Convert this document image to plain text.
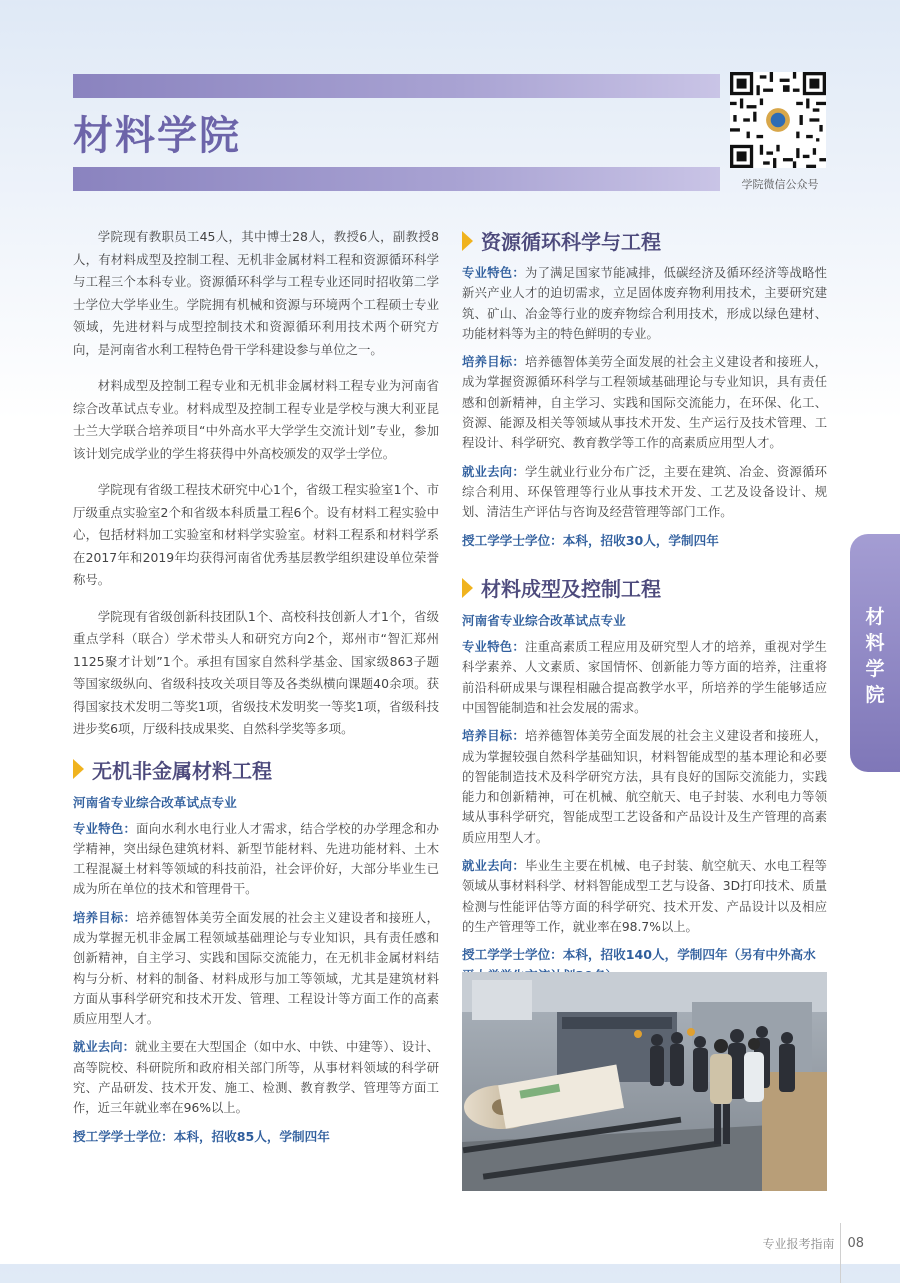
材料学院
学院微信公众号

学院现有教职员工45人，其中博士28人，教授6人，副教授8人，有材料成型及控制工程、无机非金属材料工程和资源循环科学与工程三个本科专业。资源循环科学与工程专业还同时招收第二学士学位大学毕业生。学院拥有机械和资源与环境两个工程硕士专业领域，先进材料与成型控制技术和资源循环利用技术两个研究方向，是河南省水利工程特色骨干学科建设参与单位之一。

材料成型及控制工程专业和无机非金属材料工程专业为河南省综合改革试点专业。材料成型及控制工程专业是学校与澳大利亚昆士兰大学联合培养项目“中外高水平大学学生交流计划”专业，参加该计划完成学业的学生将获得中外高校颁发的双学士学位。

学院现有省级工程技术研究中心1个，省级工程实验室1个、市厅级重点实验室2个和省级本科质量工程6个。设有材料工程实验中心，包括材料加工实验室和材料学实验室。材料工程系和材料学系在2017年和2019年均获得河南省优秀基层教学组织建设单位荣誉称号。

学院现有省级创新科技团队1个、高校科技创新人才1个，省级重点学科（联合）学术带头人和研究方向2个，郑州市“智汇郑州1125聚才计划”1个。承担有国家自然科学基金、国家级863子题等国家级纵向、省级科技攻关项目等及各类纵横向课题40余项。获得国家技术发明二等奖1项，省级技术发明奖一等奖1项，省级科技进步奖6项，厅级科技成果奖、自然科学奖等多项。

无机非金属材料工程
河南省专业综合改革试点专业

专业特色：面向水利水电行业人才需求，结合学校的办学理念和办学精神，突出绿色建筑材料、新型节能材料、先进功能材料、土木工程混凝土材料等领域的科技前沿，社会评价好，大部分毕业生已成为所在单位的技术和管理骨干。

培养目标：培养德智体美劳全面发展的社会主义建设者和接班人，成为掌握无机非金属工程领域基础理论与专业知识，具有责任感和创新精神，自主学习、实践和国际交流能力，在无机非金属材料结构与分析、材料的制备、材料成形与加工等领域，尤其是建筑材料方面从事科学研究和技术开发、管理、工程设计等方面工作的高素质应用型人才。

就业去向：就业主要在大型国企（如中水、中铁、中建等）、设计、高等院校、科研院所和政府相关部门所等，从事材料领域的科学研究、产品研发、技术开发、施工、检测、教育教学、管理等方面工作，近三年就业率在96%以上。

授工学学士学位：本科，招收85人，学制四年

资源循环科学与工程

专业特色：为了满足国家节能减排，低碳经济及循环经济等战略性新兴产业人才的迫切需求，立足固体废弃物利用技术，主要研究建筑、矿山、冶金等行业的废弃物综合利用技术，形成以绿色建材、功能材料等为主的特色鲜明的专业。

培养目标：培养德智体美劳全面发展的社会主义建设者和接班人，成为掌握资源循环科学与工程领域基础理论与专业知识，具有责任感和创新精神，自主学习、实践和国际交流能力，在环保、化工、资源、能源及相关等领域从事技术开发、生产运行及技术管理、工程设计、科学研究、教育教学等工作的高素质应用型人才。

就业去向：学生就业行业分布广泛，主要在建筑、冶金、资源循环综合利用、环保管理等行业从事技术开发、工艺及设备设计、规划、清洁生产评估与咨询及经营管理等部门工作。

授工学学士学位：本科，招收30人，学制四年

材料成型及控制工程
河南省专业综合改革试点专业

专业特色：注重高素质工程应用及研究型人才的培养，重视对学生科学素养、人文素质、家国情怀、创新能力等方面的培养，注重将前沿科研成果与课程相融合提高教学水平，所培养的学生能够适应中国智能制造和社会发展的需求。

培养目标：培养德智体美劳全面发展的社会主义建设者和接班人，成为掌握较强自然科学基础知识，材料智能成型的基本理论和必要的智能制造技术及科学研究方法，具有良好的国际交流能力，实践能力和创新精神，可在机械、航空航天、电子封装、水利电力等领域从事科学研究，智能成型工艺设备和产品设计及生产管理的高素质应用型人才。

就业去向：毕业生主要在机械、电子封装、航空航天、水电工程等领域从事材料科学、材料智能成型工艺与设备、3D打印技术、质量检测与性能评估等方面的科学研究、技术开发、产品设计以及相应的生产管理等工作，就业率在98.7%以上。

授工学学士学位：本科，招收140人，学制四年（另有中外高水

材
料
学
院
专业报考指南 08
